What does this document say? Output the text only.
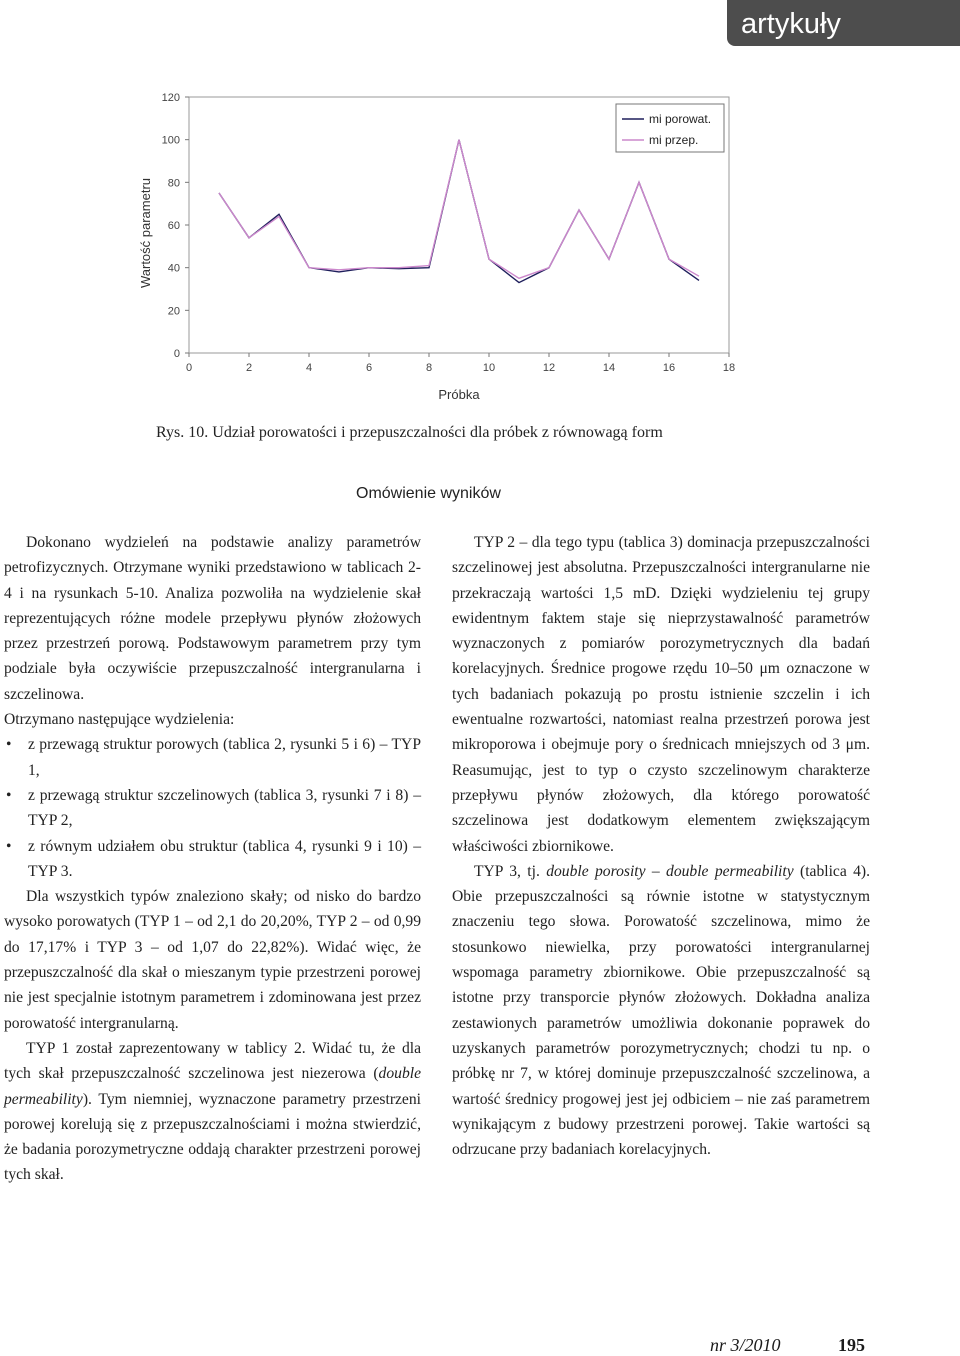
artykuły
0
20
40
60
80
100
120
0	2	4	6	8	10	12	14	16	18
Próbka
Wartość parametru
mi porowat.
mi przep.
Rys. 10. Udział porowatości i przepuszczalności dla próbek z równowagą form
Omówienie wyników

Dokonano wydzieleń na podstawie analizy parametrów petrofizycznych. Otrzymane wyniki przedstawiono w tablicach 2-4 i na rysunkach 5-10. Analiza pozwoliła na wydzielenie skał reprezentujących różne modele przepływu płynów złożowych przez przestrzeń porową. Podstawowym parametrem przy tym podziale była oczywiście przepuszczalność intergranularna i szczelinowa.

Otrzymano następujące wydzielenia:

• z przewagą struktur porowych (tablica 2, rysunki 5 i 6) – TYP 1,
• z przewagą struktur szczelinowych (tablica 3, rysunki 7 i 8) – TYP 2,
• z równym udziałem obu struktur (tablica 4, rysunki 9 i 10) – TYP 3.

Dla wszystkich typów znaleziono skały; od nisko do bardzo wysoko porowatych (TYP 1 – od 2,1 do 20,20%, TYP 2 – od 0,99 do 17,17% i TYP 3 – od 1,07 do 22,82%). Widać więc, że przepuszczalność dla skał o mieszanym typie przestrzeni porowej nie jest specjalnie istotnym parametrem i zdominowana jest przez porowatość intergranularną.

TYP 1 został zaprezentowany w tablicy 2. Widać tu, że dla tych skał przepuszczalność szczelinowa jest niezerowa (double permeability). Tym niemniej, wyznaczone parametry przestrzeni porowej korelują się z przepuszczalnościami i można stwierdzić, że badania porozymetryczne oddają charakter przestrzeni porowej tych skał.

TYP 2 – dla tego typu (tablica 3) dominacja przepuszczalności szczelinowej jest absolutna. Przepuszczalności intergranularne nie przekraczają wartości 1,5 mD. Dzięki wydzieleniu tej grupy ewidentnym faktem staje się nieprzystawalność parametrów wyznaczonych z pomiarów porozymetrycznych dla badań korelacyjnych. Średnice progowe rzędu 10–50 μm oznaczone w tych badaniach pokazują po prostu istnienie szczelin i ich ewentualne rozwartości, natomiast realna przestrzeń porowa jest mikroporowa i obejmuje pory o średnicach mniejszych od 3 μm. Reasumując, jest to typ o czysto szczelinowym charakterze przepływu płynów złożowych, dla którego porowatość szczelinowa jest dodatkowym elementem zwiększającym właściwości zbiornikowe.

TYP 3, tj. double porosity – double permeability (tablica 4). Obie przepuszczalności są równie istotne w statystycznym znaczeniu tego słowa. Porowatość szczelinowa, mimo że stosunkowo niewielka, przy porowatości intergranularnej wspomaga parametry zbiornikowe. Obie przepuszczalność są istotne przy transporcie płynów złożowych. Dokładna analiza zestawionych parametrów umożliwia dokonanie poprawek do uzyskanych parametrów porozymetrycznych; chodzi tu np. o próbkę nr 7, w której dominuje przepuszczalność szczelinowa, a wartość średnicy progowej jest jej odbiciem – nie zaś parametrem wynikającym z budowy przestrzeni porowej. Takie wartości są odrzucane przy badaniach korelacyjnych.

nr 3/2010	195
